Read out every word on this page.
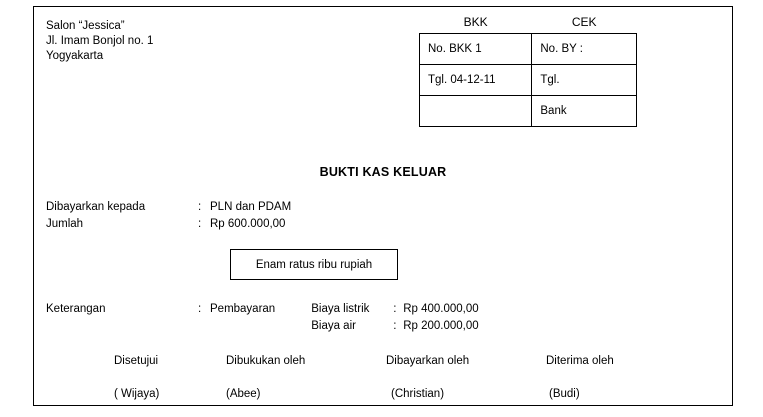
Salon “Jessica”
Jl. Imam Bonjol no. 1
Yogyakarta
BKK	CEK
No. BKK 1	No. BY :
Tgl. 04-12-11	Tgl.
	Bank
BUKTI KAS KELUAR
Dibayarkan kepada	: PLN dan PDAM
Jumlah	: Rp 600.000,00
Enam ratus ribu rupiah
Keterangan	: Pembayaran	Biaya listrik	: Rp 400.000,00
Biaya air	: Rp 200.000,00
Disetujui	Dibukukan oleh	Dibayarkan oleh	Diterima oleh
( Wijaya)	(Abee)	(Christian)	(Budi)
